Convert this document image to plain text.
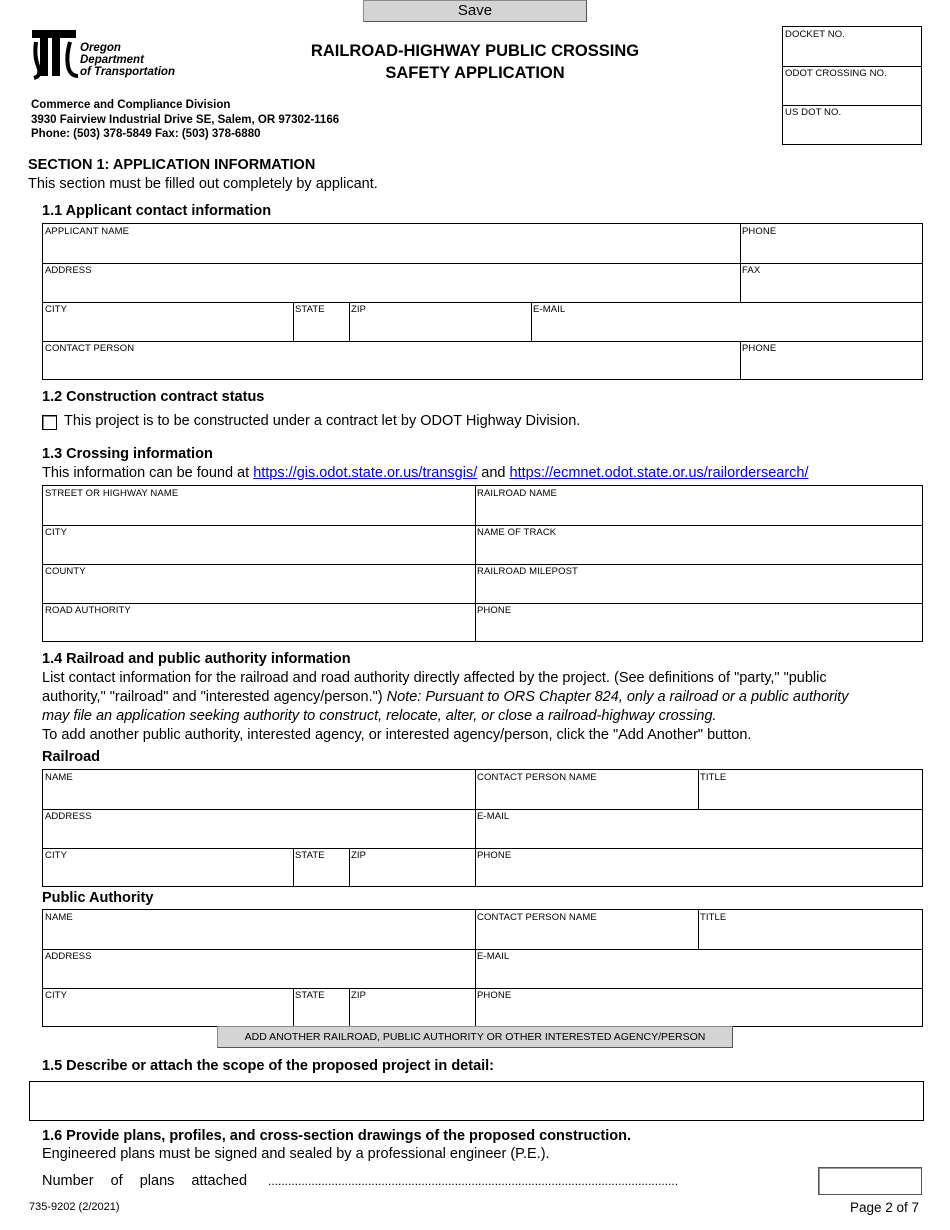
Save
Oregon
Department
of Transportation
RAILROAD-HIGHWAY PUBLIC CROSSING
SAFETY APPLICATION
Commerce and Compliance Division
3930 Fairview Industrial Drive SE, Salem, OR 97302-1166
Phone: (503) 378-5849 Fax: (503) 378-6880
DOCKET NO.
ODOT CROSSING NO.
US DOT NO.
SECTION 1: APPLICATION INFORMATION
This section must be filled out completely by applicant.
1.1 Applicant contact information
APPLICANT NAME	PHONE
ADDRESS	FAX
CITY	STATE	ZIP	E-MAIL
CONTACT PERSON	PHONE
1.2 Construction contract status
This project is to be constructed under a contract let by ODOT Highway Division.
1.3 Crossing information
This information can be found at https://gis.odot.state.or.us/transgis/ and https://ecmnet.odot.state.or.us/railordersearch/
STREET OR HIGHWAY NAME	RAILROAD NAME
CITY	NAME OF TRACK
COUNTY	RAILROAD MILEPOST
ROAD AUTHORITY	PHONE
1.4 Railroad and public authority information
List contact information for the railroad and road authority directly affected by the project. (See definitions of "party," "public
authority," "railroad" and "interested agency/person.") Note: Pursuant to ORS Chapter 824, only a railroad or a public authority
may file an application seeking authority to construct, relocate, alter, or close a railroad-highway crossing.
To add another public authority, interested agency, or interested agency/person, click the "Add Another" button.
Railroad
NAME	CONTACT PERSON NAME	TITLE
ADDRESS	E-MAIL
CITY	STATE	ZIP	PHONE
Public Authority
NAME	CONTACT PERSON NAME	TITLE
ADDRESS	E-MAIL
CITY	STATE	ZIP	PHONE
ADD ANOTHER RAILROAD, PUBLIC AUTHORITY OR OTHER INTERESTED AGENCY/PERSON
1.5 Describe or attach the scope of the proposed project in detail:
1.6 Provide plans, profiles, and cross-section drawings of the proposed construction.
Engineered plans must be signed and sealed by a professional engineer (P.E.).
Number of plans attached ...........................................................................................................................
735-9202 (2/2021)	Page 2 of 7
